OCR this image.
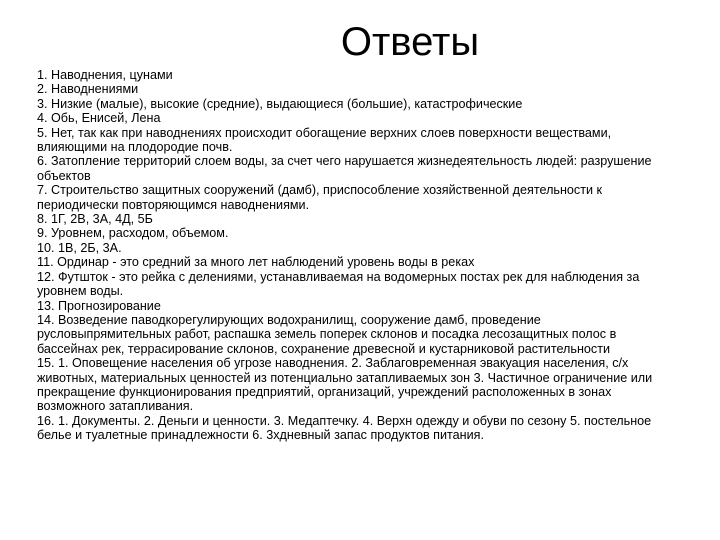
Ответы

1. Наводнения, цунами

2. Наводнениями

3. Низкие (малые), высокие (средние), выдающиеся (большие), катастрофические

4. Обь, Енисей, Лена

5. Нет, так как при наводнениях происходит обогащение верхних слоев поверхности веществами, влияющими на плодородие почв.

6. Затопление территорий слоем воды, за счет чего нарушается жизнедеятельность людей: разрушение объектов

7. Строительство защитных сооружений (дамб), приспособление хозяйственной деятельности к периодически повторяющимся наводнениями.

8. 1Г, 2В, 3А, 4Д, 5Б

9. Уровнем, расходом, объемом.

10. 1В, 2Б, 3А.

11. Ординар - это средний за много лет наблюдений уровень воды в реках

12. Футшток - это рейка с делениями, устанавливаемая на водомерных постах рек для наблюдения за уровнем воды.

13. Прогнозирование

14. Возведение паводкорегулирующих водохранилищ, сооружение дамб, проведение русловыпрямительных работ, распашка земель поперек склонов и посадка лесозащитных полос в бассейнах рек, террасирование склонов, сохранение древесной и кустарниковой растительности

15. 1. Оповещение населения об угрозе наводнения. 2. Заблаговременная эвакуация населения, с/х животных, материальных ценностей из потенциально затапливаемых зон 3. Частичное ограничение или прекращение функционирования предприятий, организаций, учреждений расположенных в зонах возможного затапливания.

16. 1. Документы. 2. Деньги и ценности. 3. Медаптечку. 4. Верхн одежду и обуви по сезону 5. постельное белье и туалетные принадлежности 6. 3хдневный запас продуктов питания.
